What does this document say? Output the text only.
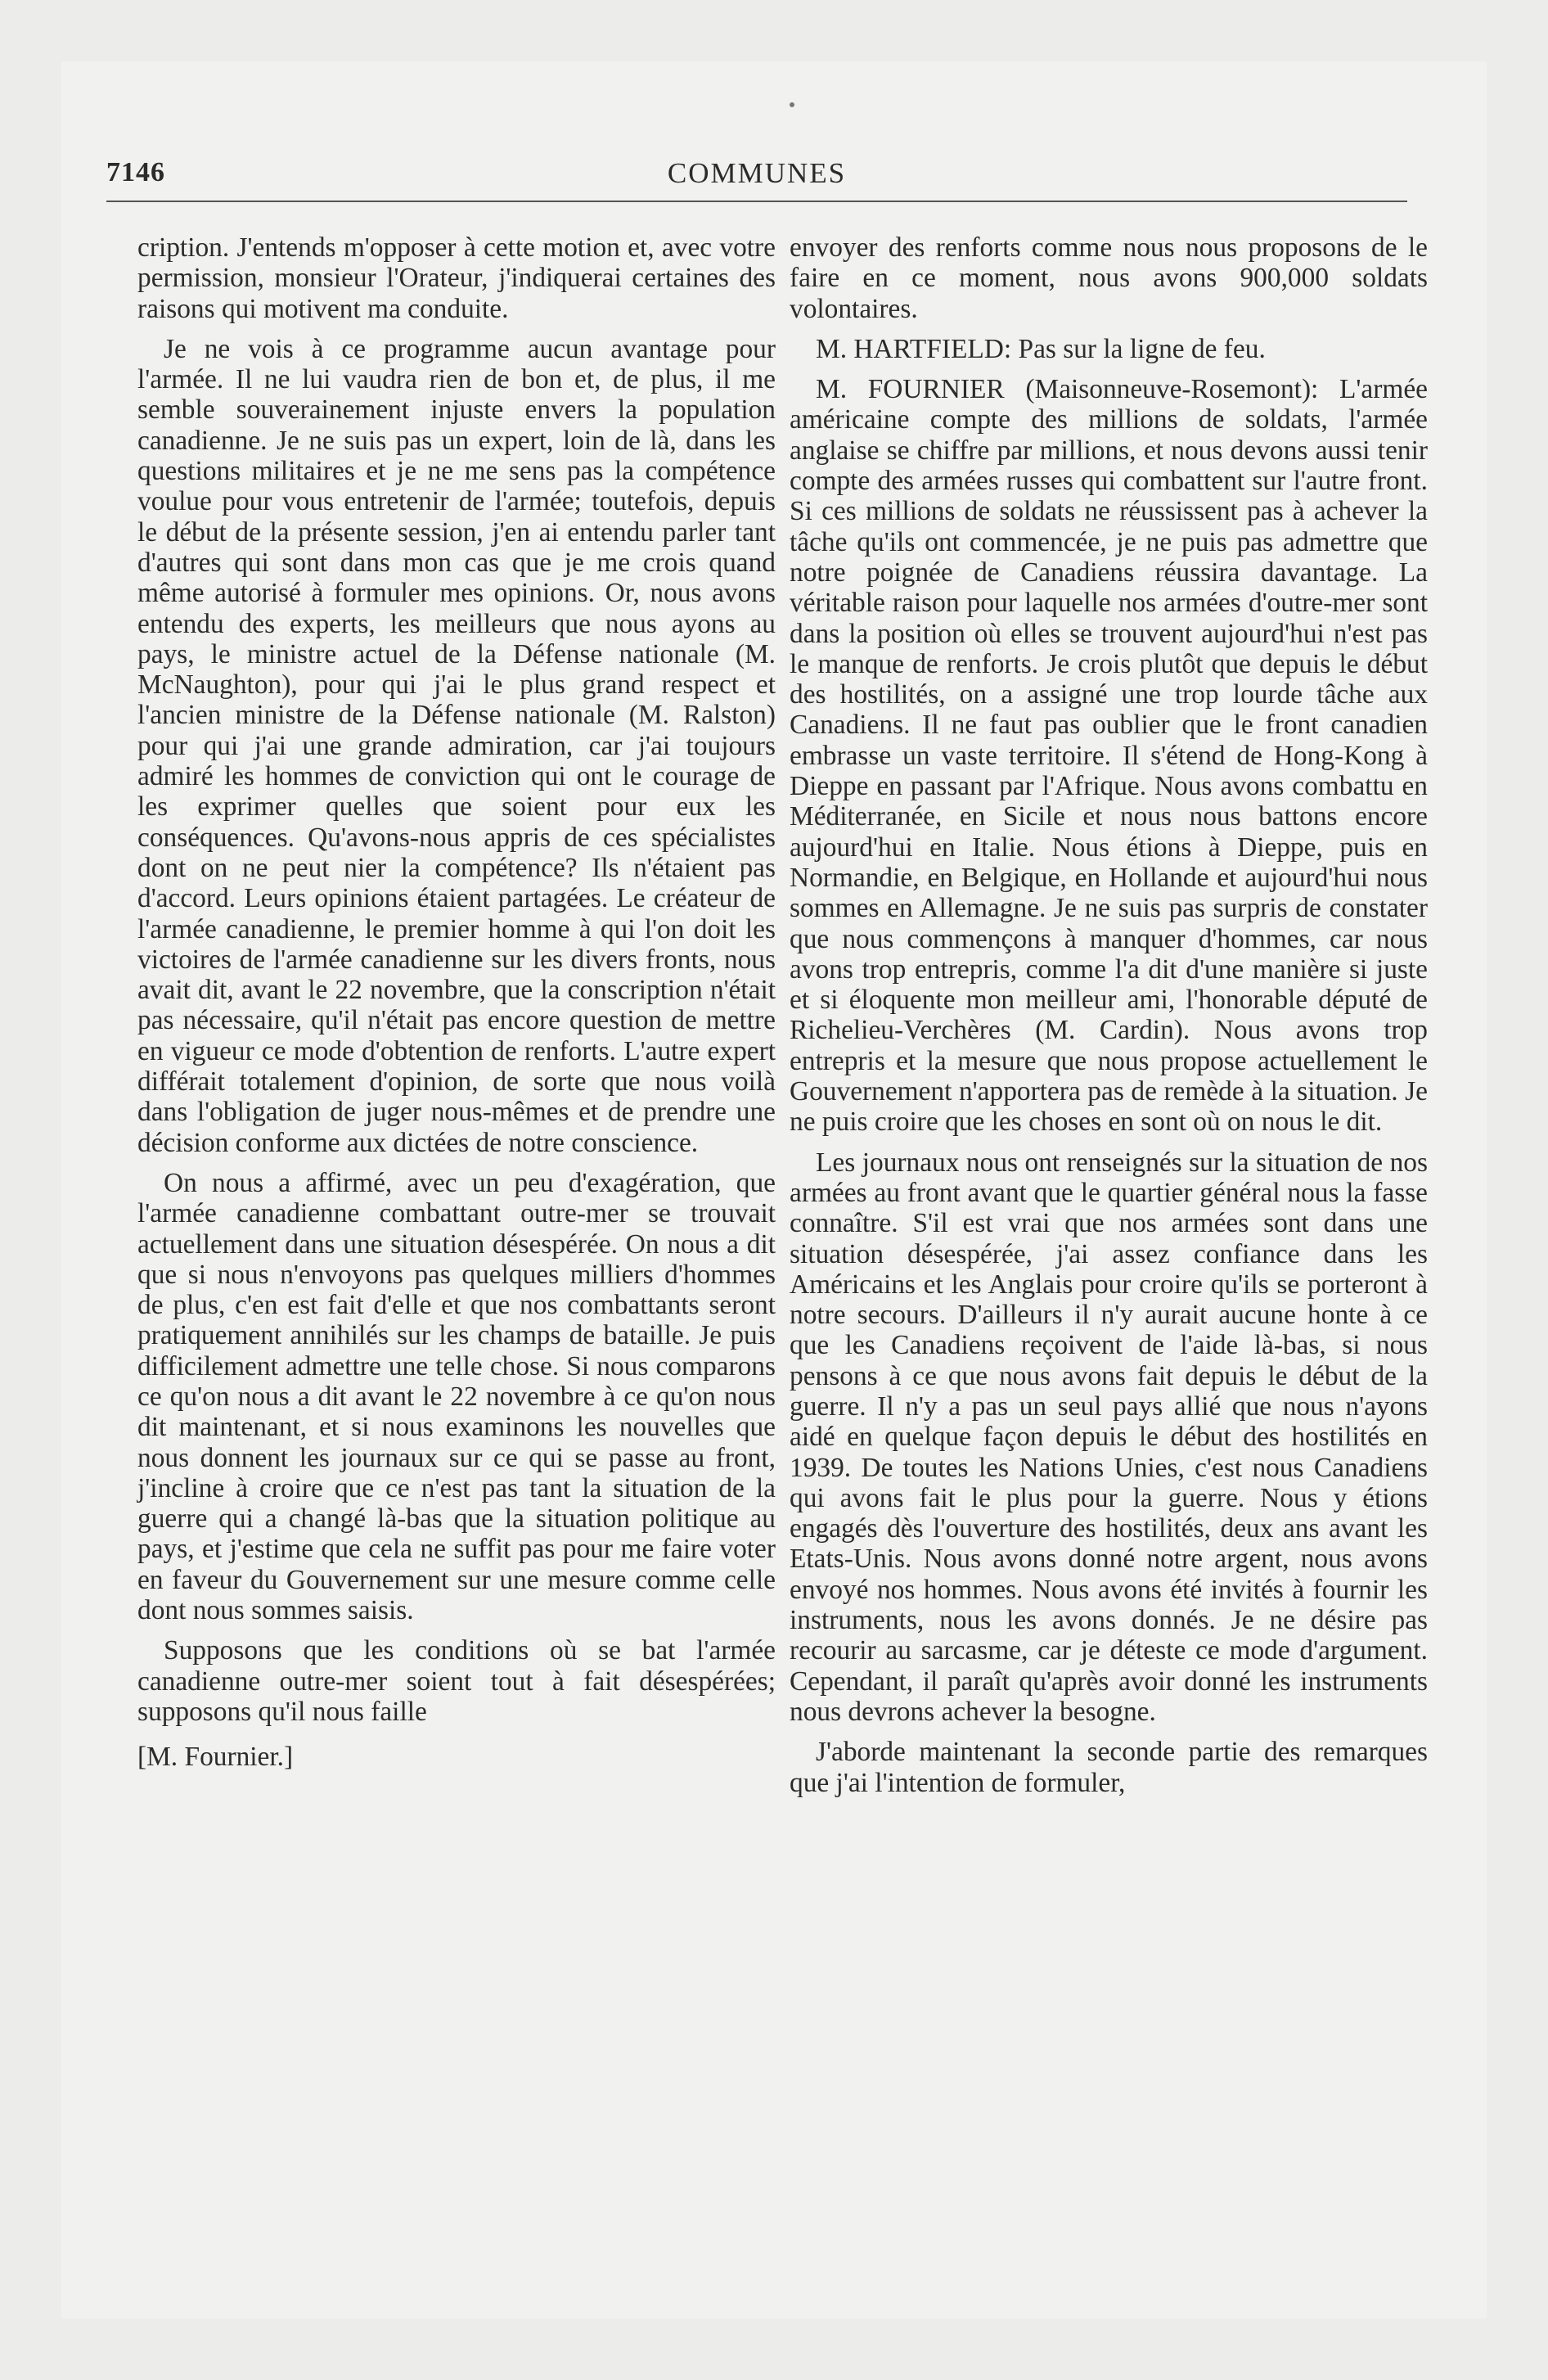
7146	COMMUNES

cription. J'entends m'opposer à cette motion et, avec votre permission, monsieur l'Orateur, j'indiquerai certaines des raisons qui motivent ma conduite.

Je ne vois à ce programme aucun avantage pour l'armée. Il ne lui vaudra rien de bon et, de plus, il me semble souverainement injuste envers la population canadienne. Je ne suis pas un expert, loin de là, dans les questions militaires et je ne me sens pas la compétence voulue pour vous entretenir de l'armée; toutefois, depuis le début de la présente session, j'en ai entendu parler tant d'autres qui sont dans mon cas que je me crois quand même autorisé à formuler mes opinions. Or, nous avons entendu des experts, les meilleurs que nous ayons au pays, le ministre actuel de la Défense nationale (M. McNaughton), pour qui j'ai le plus grand respect et l'ancien ministre de la Défense nationale (M. Ralston) pour qui j'ai une grande admiration, car j'ai toujours admiré les hommes de conviction qui ont le courage de les exprimer quelles que soient pour eux les conséquences. Qu'avons-nous appris de ces spécialistes dont on ne peut nier la compétence? Ils n'étaient pas d'accord. Leurs opinions étaient partagées. Le créateur de l'armée canadienne, le premier homme à qui l'on doit les victoires de l'armée canadienne sur les divers fronts, nous avait dit, avant le 22 novembre, que la conscription n'était pas nécessaire, qu'il n'était pas encore question de mettre en vigueur ce mode d'obtention de renforts. L'autre expert différait totalement d'opinion, de sorte que nous voilà dans l'obligation de juger nous-mêmes et de prendre une décision conforme aux dictées de notre conscience.

On nous a affirmé, avec un peu d'exagération, que l'armée canadienne combattant outre-mer se trouvait actuellement dans une situation désespérée. On nous a dit que si nous n'envoyons pas quelques milliers d'hommes de plus, c'en est fait d'elle et que nos combattants seront pratiquement annihilés sur les champs de bataille. Je puis difficilement admettre une telle chose. Si nous comparons ce qu'on nous a dit avant le 22 novembre à ce qu'on nous dit maintenant, et si nous examinons les nouvelles que nous donnent les journaux sur ce qui se passe au front, j'incline à croire que ce n'est pas tant la situation de la guerre qui a changé là-bas que la situation politique au pays, et j'estime que cela ne suffit pas pour me faire voter en faveur du Gouvernement sur une mesure comme celle dont nous sommes saisis.

Supposons que les conditions où se bat l'armée canadienne outre-mer soient tout à fait désespérées; supposons qu'il nous faille

[M. Fournier.]

envoyer des renforts comme nous nous proposons de le faire en ce moment, nous avons 900,000 soldats volontaires.

M. HARTFIELD: Pas sur la ligne de feu.

M. FOURNIER (Maisonneuve-Rosemont): L'armée américaine compte des millions de soldats, l'armée anglaise se chiffre par millions, et nous devons aussi tenir compte des armées russes qui combattent sur l'autre front. Si ces millions de soldats ne réussissent pas à achever la tâche qu'ils ont commencée, je ne puis pas admettre que notre poignée de Canadiens réussira davantage. La véritable raison pour laquelle nos armées d'outre-mer sont dans la position où elles se trouvent aujourd'hui n'est pas le manque de renforts. Je crois plutôt que depuis le début des hostilités, on a assigné une trop lourde tâche aux Canadiens. Il ne faut pas oublier que le front canadien embrasse un vaste territoire. Il s'étend de Hong-Kong à Dieppe en passant par l'Afrique. Nous avons combattu en Méditerranée, en Sicile et nous nous battons encore aujourd'hui en Italie. Nous étions à Dieppe, puis en Normandie, en Belgique, en Hollande et aujourd'hui nous sommes en Allemagne. Je ne suis pas surpris de constater que nous commençons à manquer d'hommes, car nous avons trop entrepris, comme l'a dit d'une manière si juste et si éloquente mon meilleur ami, l'honorable député de Richelieu-Verchères (M. Cardin). Nous avons trop entrepris et la mesure que nous propose actuellement le Gouvernement n'apportera pas de remède à la situation. Je ne puis croire que les choses en sont où on nous le dit.

Les journaux nous ont renseignés sur la situation de nos armées au front avant que le quartier général nous la fasse connaître. S'il est vrai que nos armées sont dans une situation désespérée, j'ai assez confiance dans les Américains et les Anglais pour croire qu'ils se porteront à notre secours. D'ailleurs il n'y aurait aucune honte à ce que les Canadiens reçoivent de l'aide là-bas, si nous pensons à ce que nous avons fait depuis le début de la guerre. Il n'y a pas un seul pays allié que nous n'ayons aidé en quelque façon depuis le début des hostilités en 1939. De toutes les Nations Unies, c'est nous Canadiens qui avons fait le plus pour la guerre. Nous y étions engagés dès l'ouverture des hostilités, deux ans avant les Etats-Unis. Nous avons donné notre argent, nous avons envoyé nos hommes. Nous avons été invités à fournir les instruments, nous les avons donnés. Je ne désire pas recourir au sarcasme, car je déteste ce mode d'argument. Cependant, il paraît qu'après avoir donné les instruments nous devrons achever la besogne.

J'aborde maintenant la seconde partie des remarques que j'ai l'intention de formuler,
